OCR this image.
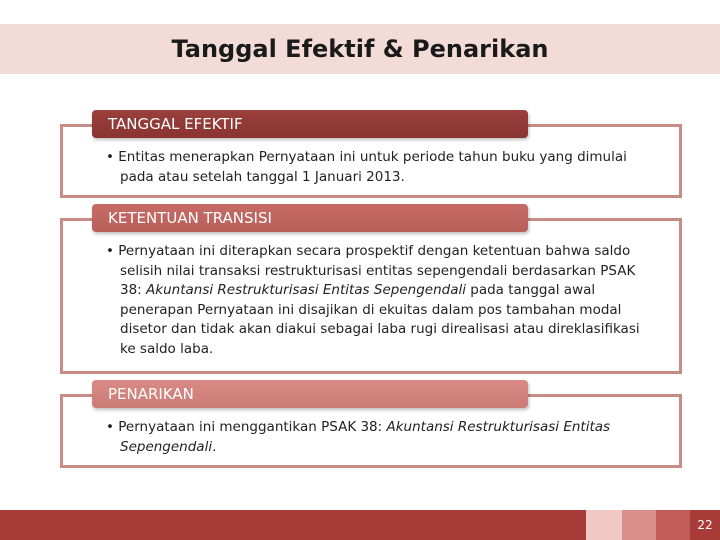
Tanggal Efektif & Penarikan
TANGGAL EFEKTIF
• Entitas menerapkan Pernyataan ini untuk periode tahun buku yang dimulai pada atau setelah tanggal 1 Januari 2013.
KETENTUAN TRANSISI
• Pernyataan ini diterapkan secara prospektif dengan ketentuan bahwa saldo selisih nilai transaksi restrukturisasi entitas sepengendali berdasarkan PSAK 38: Akuntansi Restrukturisasi Entitas Sepengendali pada tanggal awal penerapan Pernyataan ini disajikan di ekuitas dalam pos tambahan modal disetor dan tidak akan diakui sebagai laba rugi direalisasi atau direklasifikasi ke saldo laba.
PENARIKAN
• Pernyataan ini menggantikan PSAK 38: Akuntansi Restrukturisasi Entitas Sepengendali.
22
